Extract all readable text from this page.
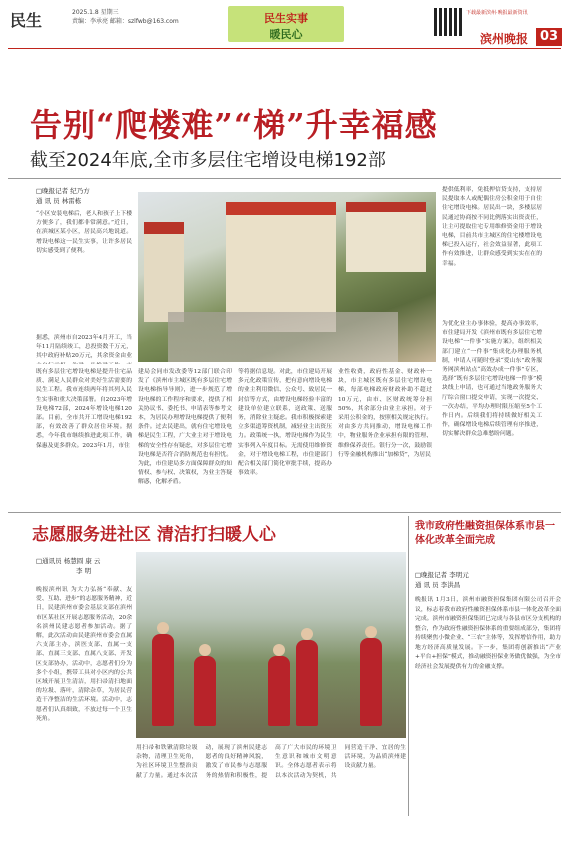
民生	2025.1.8 星期三
责编：李承亮 邮箱：szlfwb@163.com	民生实事
暖民心
下载最新滨州·晚报最新资讯
滨州晚报 03
告别“爬楼难”“梯”升幸福感
截至2024年底,全市多层住宅增设电梯192部
□晚报记者 纪乃方
通 讯 员 林雷栋
“小区安装电梯后，老人和孩子上下楼方便多了，我们都非常满意。”近日，在滨城区某小区，居民高兴地说道。增设电梯这一民生实事，让许多居民切实感受到了便利。
据悉，滨州市自2023年4月开工，当年11月陆续竣工，总投资数千万元，其中政府补贴20万元，其余资金由业
既有多层住宅增设电梯是提升住宅品质、满足人民群众对美好生活需要的民生工程。我市连续两年将其列入民生实事和重大决策部署。自2023年增设电梯72部，2024年增设电梯120部。目前，全市共开工增设电梯192部，有效改善了群众居住环境。据悉，今年我市继续推进此项工作，确保惠及更多群众。2023年1月，市住
建局会同市发改委等12部门联合印发了《滨州市主城区既有多层住宅增设电梯指导导则》，进一步规范了增设电梯的工作程序和要求，提供了相关协议书、委托书、申请表等参考文本，为居民办理增设电梯提供了便利条件。过去民建出，就有住宅增设电梯是民生工程，广大业主对于增设电梯的安全性存有疑虑，对多层住宅增设电梯是否符合消防规范也有担忧。为此，市住建局多方面保障群众的知情权、参与权、决策权，为业主答疑解惑，化解矛盾。
等将据信息堤。对此，市住建局开展多元化政策宣传，把有意向增设电梯的业主利用微信、公众号、致居民一封信等方式，由增设电梯经验丰富的建设单位建立联系，送政策、送服务，消除业主疑虑。我市积极探索建立多渠道筹资机制，减轻业主出资压力。政策统一执，增设电梯作为民生实事列入年度目标。无需使用维修资金，对于增设电梯工程，市住建部门配合相关部门简化审批手续，提高办事效率。
业性收费，政府性基金、财政补一块，市主城区既有多层住宅增设电梯，每部电梯政府财政补助不超过10万元，由市、区财政统筹分担50%，其余部分由业主承担。对于采用公积金的，按照相关规定执行。对由多方共同推动，增设电梯工作中，物业服务企业承担有限的管理、维修保养责任。银行分一次，鼓励银行等金融机构推出“加梯贷”，为居民
提供低利率，免抵押信贷支持，支持居民提取本人或配偶住房公积金用于自住住宅增设电梯。居民出一块，多楼层居民通过协商按不同比例落实出资责任，让主可提取住宅专用维修资金用于增设电梯，目前共市主城区的住宅楼增设电梯已投入运行，社会效益显著，此项工作有效推进，让群众感受到实实在在的幸福。
为优化业主办事体验，提高办事效率，市住建局开发《滨州市既有多层住宅增设电梯“一件事”实施方案》，组织相关部门建立“一件事”集成化办理服务机制，申请人可随时登录“爱山东”政务服务网滨州站点“高效办成一件事”专区，选择“既有多层住宅增设电梯一件事”模块线上申请，也可通过当地政务服务大厅综合窗口提交申请，实现一次提交、一次办结，平均办理时限压缩至5个工作日内。后续我们将持续做好相关工作，确保增设电梯后续管理有序推进，切实解决群众急难愁盼问题。
志愿服务进社区 清洁打扫暖人心
□通讯员 杨慧圆 康 云
李 明
晚报滨州讯 为大力弘扬“奉献、友爱、互助、进步”的志愿服务精神，近日，民建滨州市委会基层支部在滨州市区某社区开展志愿服务活动，20余名滨州民建志愿者参加活动。据了解，此次活动由民建滨州市委会直属六支部主办，滨医支部、直属一支部、直属三支部、直属八支部、开发区支部协办，活动中，志愿者们分为多个小组，携带工具对小区内的公共区域开展卫生清洁，用扫帚清扫地面的垃圾、落叶，清除杂草，为居民营造干净整洁的生活环境。活动中，志愿者们认真细致，不放过每一个卫生死角。
用扫帚和铁锹清除垃圾杂物，清理卫生死角，为社区环境卫生整治贡献了力量。通过本次活动，展现了滨州民建志愿者的良好精神风貌，激发了市民参与志愿服务的热情和积极性，提高了广大市民的环境卫生意识和城市文明意识。全体志愿者表示将以本次活动为契机，共同营造干净、宜居的生活环境，为品质滨州建设贡献力量。
我市政府性融资担保体系市县一体化改革全面完成
□晚报记者 李明元
通 讯 员 李洪昌
晚报讯 1月3日，滨州市融资担保集团有限公司召开会议，标志着我市政府性融资担保体系市县一体化改革全面完成。滨州市融资担保集团已完成与各县市区分支机构的整合，作为政府性融资担保体系的重要组成部分，集团将持续聚焦小微企业、“三农”主体等，发挥增信作用，助力地方经济高质量发展。下一步，集团将创新推出“产业+平台+担保”模式，推动融资担保业务做优做强，为全市经济社会发展提供有力的金融支撑。
